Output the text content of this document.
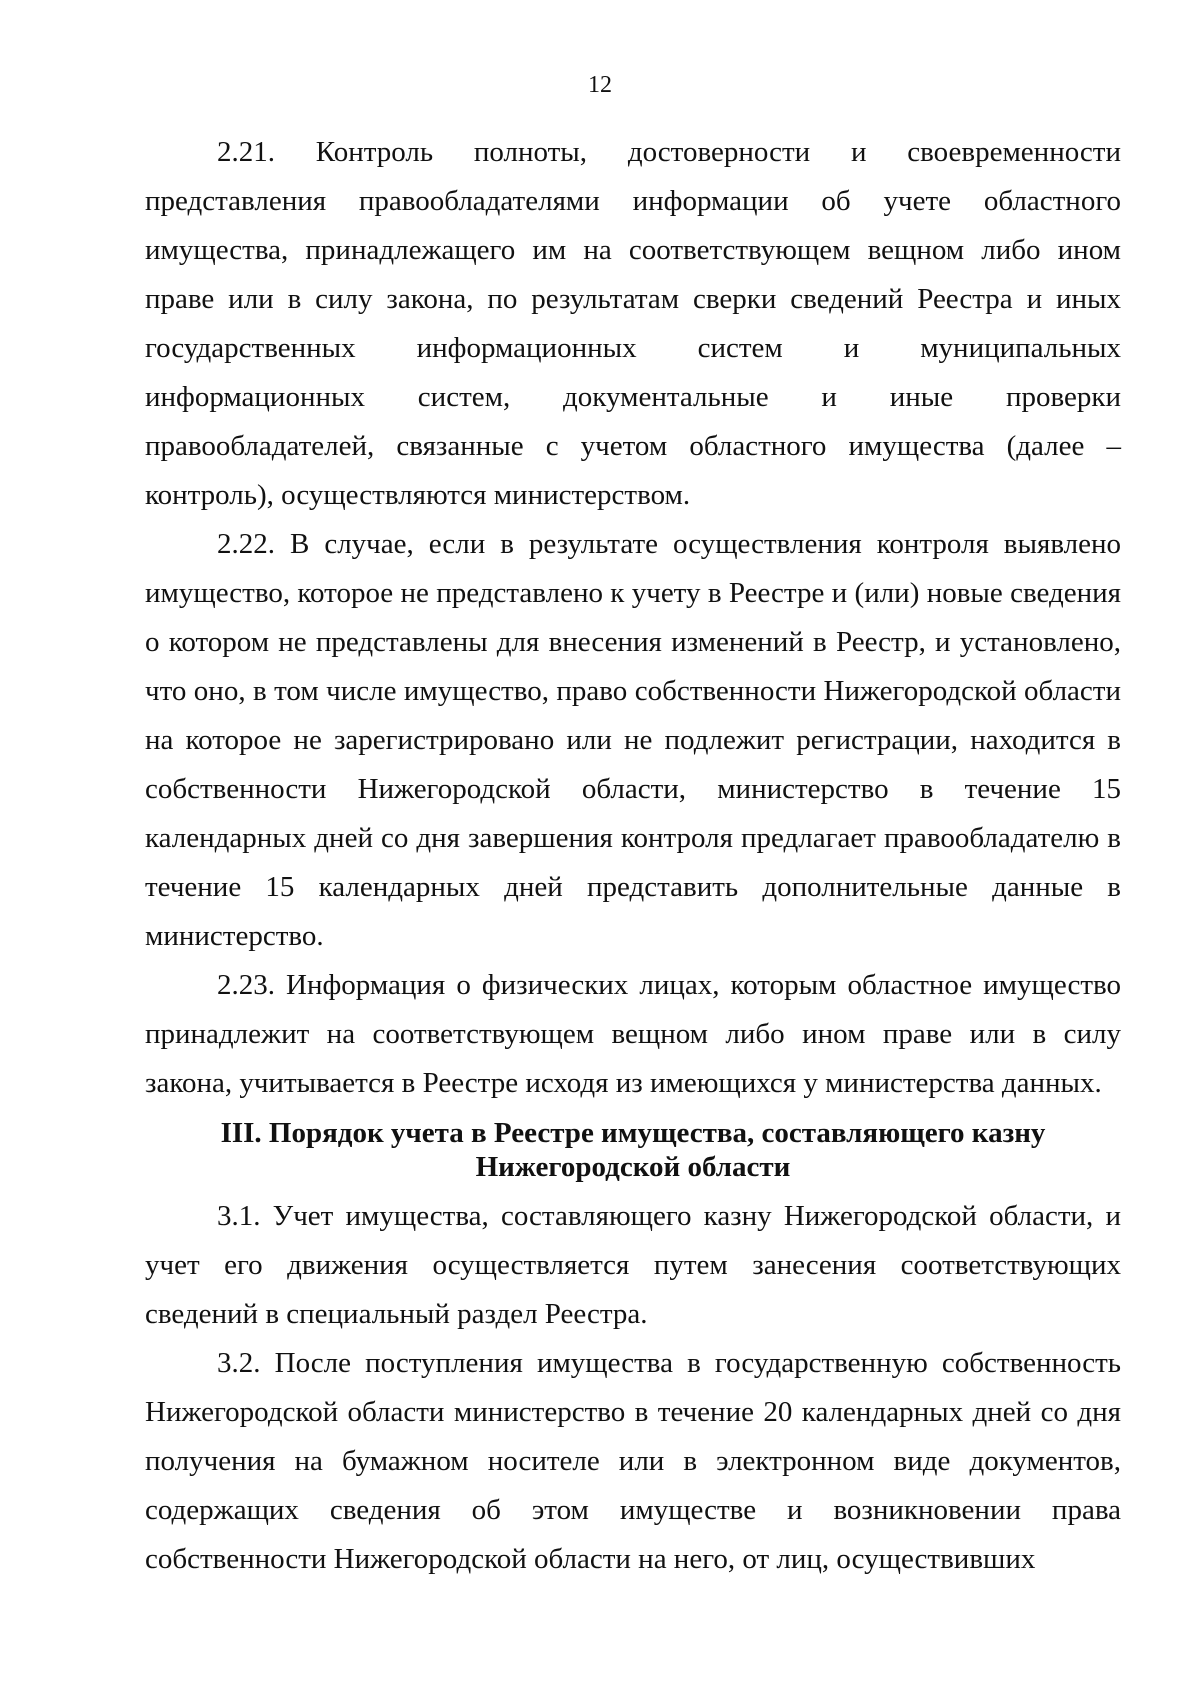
12

2.21. Контроль полноты, достоверности и своевременности представления правообладателями информации об учете областного имущества, принадлежащего им на соответствующем вещном либо ином праве или в силу закона, по результатам сверки сведений Реестра и иных государственных информационных систем и муниципальных информационных систем, документальные и иные проверки правообладателей, связанные с учетом областного имущества (далее – контроль), осуществляются министерством.

2.22. В случае, если в результате осуществления контроля выявлено имущество, которое не представлено к учету в Реестре и (или) новые сведения о котором не представлены для внесения изменений в Реестр, и установлено, что оно, в том числе имущество, право собственности Нижегородской области на которое не зарегистрировано или не подлежит регистрации, находится в собственности Нижегородской области, министерство в течение 15 календарных дней со дня завершения контроля предлагает правообладателю в течение 15 календарных дней представить дополнительные данные в министерство.

2.23. Информация о физических лицах, которым областное имущество принадлежит на соответствующем вещном либо ином праве или в силу закона, учитывается в Реестре исходя из имеющихся у министерства данных.

III. Порядок учета в Реестре имущества, составляющего казну
Нижегородской области

3.1. Учет имущества, составляющего казну Нижегородской области, и учет его движения осуществляется путем занесения соответствующих сведений в специальный раздел Реестра.

3.2. После поступления имущества в государственную собственность Нижегородской области министерство в течение 20 календарных дней со дня получения на бумажном носителе или в электронном виде документов, содержащих сведения об этом имуществе и возникновении права собственности Нижегородской области на него, от лиц, осуществивших
